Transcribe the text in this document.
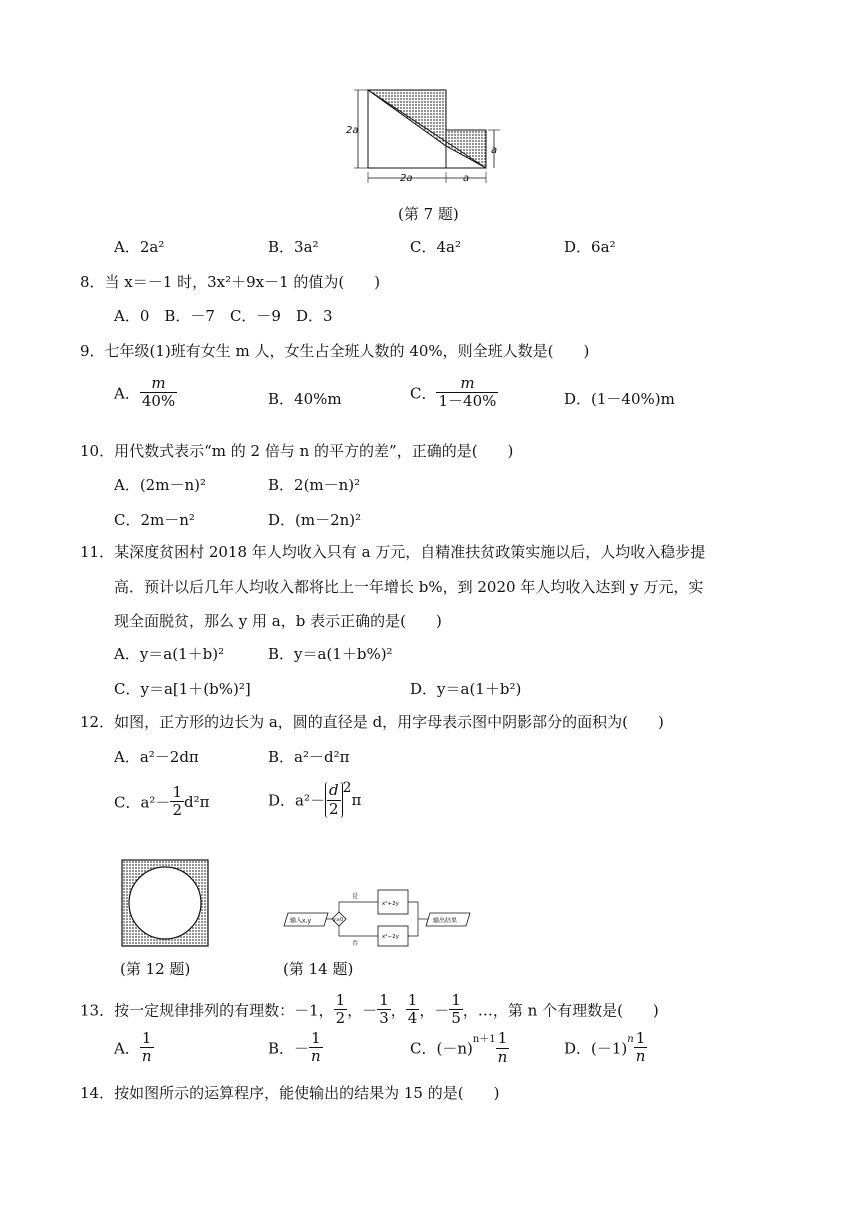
2a
2a	a
a
(第 7 题)
A．2a²	B．3a²	C．4a²	D．6a²
8．当 x＝－1 时，3x²＋9x－1 的值为(　　)
A．0　B．－7　C．－9　D．3
9．七年级(1)班有女生 m 人，女生占全班人数的 40%，则全班人数是(　　)
A． $\frac{m}{40\%}$	B．40%m	C． $\frac{m}{1-40\%}$	D．(1－40%)m
10．用代数式表示“m 的 2 倍与 n 的平方的差”，正确的是(　　)
A．(2m－n)²	B．2(m－n)²
C．2m－n²	D．(m－2n)²
11．某深度贫困村 2018 年人均收入只有 a 万元，自精准扶贫政策实施以后，人均收入稳步提
高．预计以后几年人均收入都将比上一年增长 b%，到 2020 年人均收入达到 y 万元，实
现全面脱贫，那么 y 用 a，b 表示正确的是(　　)
A．y＝a(1＋b)²	B．y＝a(1＋b%)²
C．y＝a[1＋(b%)²]	D．y＝a(1＋b²)
12．如图，正方形的边长为 a，圆的直径是 d，用字母表示图中阴影部分的面积为(　　)
A．a²－2dπ	B．a²－d²π
C．$a^2- \frac{1}{2} d^2\pi$	D．$a^2- \frac{d}{2} 2\pi$
(第 12 题)
输入x,y	y≥0
是
否
x²+2y
x²−2y
输出结果
(第 14 题)
13．按一定规律排列的有理数：－1， $\frac{1}{2}$ ，－ $\frac{1}{3}$ ， $\frac{1}{4}$ ，－ $\frac{1}{5}$ ，…，第 n 个有理数是(　　)
A． $\frac{1}{n}$	B．－ $\frac{1}{n}$	C．$(-n)^{n+1} \frac{1}{n}$	D．$(-1)^n \frac{1}{n}$
14．按如图所示的运算程序，能使输出的结果为 15 的是(　　)
